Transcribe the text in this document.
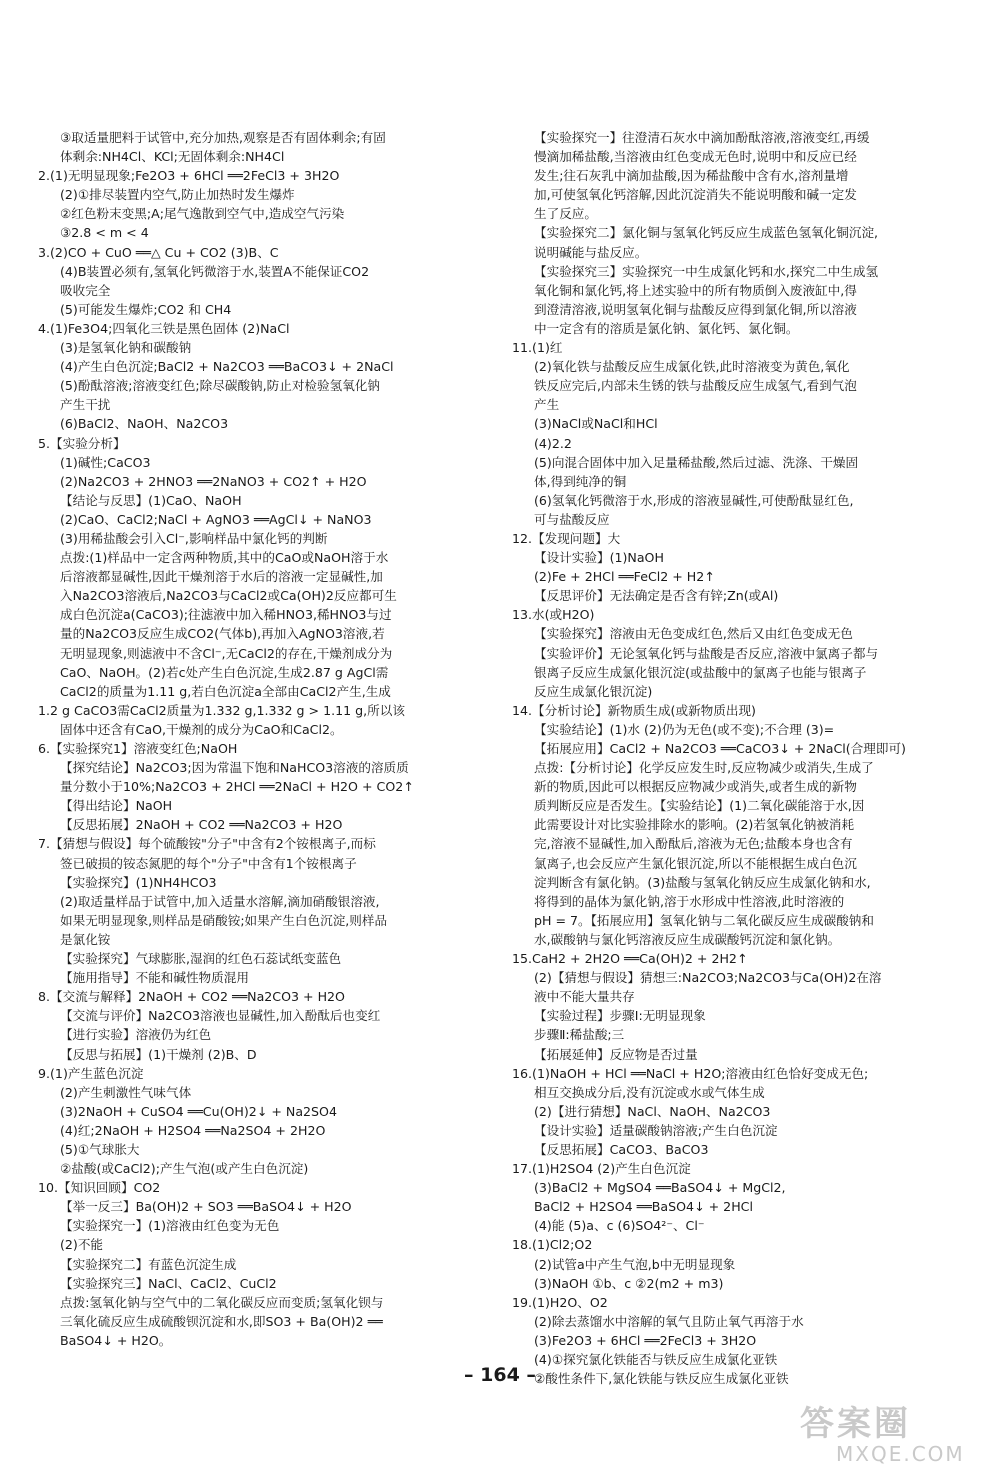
③取适量肥料于试管中,充分加热,观察是否有固体剩余;有固
体剩余:NH4Cl、KCl;无固体剩余:NH4Cl
2.(1)无明显现象;Fe2O3 + 6HCl ══2FeCl3 + 3H2O
(2)①排尽装置内空气,防止加热时发生爆炸
②红色粉末变黑;A;尾气逸散到空气中,造成空气污染
③2.8 < m < 4
3.(2)CO + CuO ══△ Cu + CO2 (3)B、C
(4)B装置必须有,氢氧化钙微溶于水,装置A不能保证CO2
吸收完全
(5)可能发生爆炸;CO2 和 CH4
4.(1)Fe3O4;四氧化三铁是黑色固体 (2)NaCl
(3)是氢氧化钠和碳酸钠
(4)产生白色沉淀;BaCl2 + Na2CO3 ══BaCO3↓ + 2NaCl
(5)酚酞溶液;溶液变红色;除尽碳酸钠,防止对检验氢氧化钠
产生干扰
(6)BaCl2、NaOH、Na2CO3
5.【实验分析】
(1)碱性;CaCO3
(2)Na2CO3 + 2HNO3 ══2NaNO3 + CO2↑ + H2O
【结论与反思】(1)CaO、NaOH
(2)CaO、CaCl2;NaCl + AgNO3 ══AgCl↓ + NaNO3
(3)用稀盐酸会引入Cl⁻,影响样品中氯化钙的判断
点拨:(1)样品中一定含两种物质,其中的CaO或NaOH溶于水
后溶液都显碱性,因此干燥剂溶于水后的溶液一定显碱性,加
入Na2CO3溶液后,Na2CO3与CaCl2或Ca(OH)2反应都可生
成白色沉淀a(CaCO3);往滤液中加入稀HNO3,稀HNO3与过
量的Na2CO3反应生成CO2(气体b),再加入AgNO3溶液,若
无明显现象,则滤液中不含Cl⁻,无CaCl2的存在,干燥剂成分为
CaO、NaOH。(2)若c处产生白色沉淀,生成2.87 g AgCl需
CaCl2的质量为1.11 g,若白色沉淀a全部由CaCl2产生,生成
1.2 g CaCO3需CaCl2质量为1.332 g,1.332 g > 1.11 g,所以该
固体中还含有CaO,干燥剂的成分为CaO和CaCl2。
6.【实验探究1】溶液变红色;NaOH
【探究结论】Na2CO3;因为常温下饱和NaHCO3溶液的溶质质
量分数小于10%;Na2CO3 + 2HCl ══2NaCl + H2O + CO2↑
【得出结论】NaOH
【反思拓展】2NaOH + CO2 ══Na2CO3 + H2O
7.【猜想与假设】每个硫酸铵"分子"中含有2个铵根离子,而标
签已破损的铵态氮肥的每个"分子"中含有1个铵根离子
【实验探究】(1)NH4HCO3
(2)取适量样品于试管中,加入适量水溶解,滴加硝酸银溶液,
如果无明显现象,则样品是硝酸铵;如果产生白色沉淀,则样品
是氯化铵
【实验探究】气球膨胀,湿润的红色石蕊试纸变蓝色
【施用指导】不能和碱性物质混用
8.【交流与解释】2NaOH + CO2 ══Na2CO3 + H2O
【交流与评价】Na2CO3溶液也显碱性,加入酚酞后也变红
【进行实验】溶液仍为红色
【反思与拓展】(1)干燥剂 (2)B、D
9.(1)产生蓝色沉淀
(2)产生刺激性气味气体
(3)2NaOH + CuSO4 ══Cu(OH)2↓ + Na2SO4
(4)红;2NaOH + H2SO4 ══Na2SO4 + 2H2O
(5)①气球胀大
②盐酸(或CaCl2);产生气泡(或产生白色沉淀)
10.【知识回顾】CO2
【举一反三】Ba(OH)2 + SO3 ══BaSO4↓ + H2O
【实验探究一】(1)溶液由红色变为无色
(2)不能
【实验探究二】有蓝色沉淀生成
【实验探究三】NaCl、CaCl2、CuCl2
点拨:氢氧化钠与空气中的二氧化碳反应而变质;氢氧化钡与
三氧化硫反应生成硫酸钡沉淀和水,即SO3 + Ba(OH)2 ══
BaSO4↓ + H2O。
【实验探究一】往澄清石灰水中滴加酚酞溶液,溶液变红,再缓
慢滴加稀盐酸,当溶液由红色变成无色时,说明中和反应已经
发生;往石灰乳中滴加盐酸,因为稀盐酸中含有水,溶剂量增
加,可使氢氧化钙溶解,因此沉淀消失不能说明酸和碱一定发
生了反应。
【实验探究二】氯化铜与氢氧化钙反应生成蓝色氢氧化铜沉淀,
说明碱能与盐反应。
【实验探究三】实验探究一中生成氯化钙和水,探究二中生成氢
氧化铜和氯化钙,将上述实验中的所有物质倒入废液缸中,得
到澄清溶液,说明氢氧化铜与盐酸反应得到氯化铜,所以溶液
中一定含有的溶质是氯化钠、氯化钙、氯化铜。
11.(1)红
(2)氧化铁与盐酸反应生成氯化铁,此时溶液变为黄色,氧化
铁反应完后,内部未生锈的铁与盐酸反应生成氢气,看到气泡
产生
(3)NaCl或NaCl和HCl
(4)2.2
(5)向混合固体中加入足量稀盐酸,然后过滤、洗涤、干燥固
体,得到纯净的铜
(6)氢氧化钙微溶于水,形成的溶液显碱性,可使酚酞显红色,
可与盐酸反应
12.【发现问题】大
【设计实验】(1)NaOH
(2)Fe + 2HCl ══FeCl2 + H2↑
【反思评价】无法确定是否含有锌;Zn(或Al)
13.水(或H2O)
【实验探究】溶液由无色变成红色,然后又由红色变成无色
【实验评价】无论氢氧化钙与盐酸是否反应,溶液中氯离子都与
银离子反应生成氯化银沉淀(或盐酸中的氯离子也能与银离子
反应生成氯化银沉淀)
14.【分析讨论】新物质生成(或新物质出现)
【实验结论】(1)水 (2)仍为无色(或不变);不合理 (3)=
【拓展应用】CaCl2 + Na2CO3 ══CaCO3↓ + 2NaCl(合理即可)
点拨:【分析讨论】化学反应发生时,反应物减少或消失,生成了
新的物质,因此可以根据反应物减少或消失,或者生成的新物
质判断反应是否发生。【实验结论】(1)二氧化碳能溶于水,因
此需要设计对比实验排除水的影响。(2)若氢氧化钠被消耗
完,溶液不显碱性,加入酚酞后,溶液为无色;盐酸本身也含有
氯离子,也会反应产生氯化银沉淀,所以不能根据生成白色沉
淀判断含有氯化钠。(3)盐酸与氢氧化钠反应生成氯化钠和水,
将得到的晶体为氯化钠,溶于水形成中性溶液,此时溶液的
pH = 7。【拓展应用】氢氧化钠与二氧化碳反应生成碳酸钠和
水,碳酸钠与氯化钙溶液反应生成碳酸钙沉淀和氯化钠。
15.CaH2 + 2H2O ══Ca(OH)2 + 2H2↑
(2)【猜想与假设】猜想三:Na2CO3;Na2CO3与Ca(OH)2在溶
液中不能大量共存
【实验过程】步骤Ⅰ:无明显现象
步骤Ⅱ:稀盐酸;三
【拓展延伸】反应物是否过量
16.(1)NaOH + HCl ══NaCl + H2O;溶液由红色恰好变成无色;
相互交换成分后,没有沉淀或水或气体生成
(2)【进行猜想】NaCl、NaOH、Na2CO3
【设计实验】适量碳酸钠溶液;产生白色沉淀
【反思拓展】CaCO3、BaCO3
17.(1)H2SO4 (2)产生白色沉淀
(3)BaCl2 + MgSO4 ══BaSO4↓ + MgCl2,
BaCl2 + H2SO4 ══BaSO4↓ + 2HCl
(4)能 (5)a、c (6)SO4²⁻、Cl⁻
18.(1)Cl2;O2
(2)试管a中产生气泡,b中无明显现象
(3)NaOH ①b、c ②2(m2 + m3)
19.(1)H2O、O2
(2)除去蒸馏水中溶解的氧气且防止氧气再溶于水
(3)Fe2O3 + 6HCl ══2FeCl3 + 3H2O
(4)①探究氯化铁能否与铁反应生成氯化亚铁
②酸性条件下,氯化铁能与铁反应生成氯化亚铁
– 164 –
答案圈
MXQE.COM
